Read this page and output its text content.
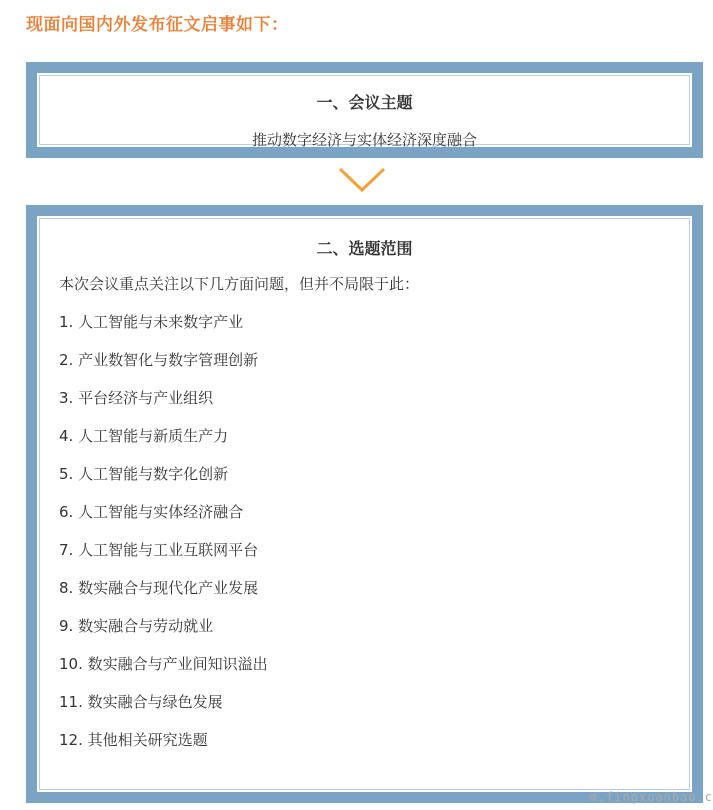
现面向国内外发布征文启事如下：
一、会议主题
推动数字经济与实体经济深度融合
二、选题范围
本次会议重点关注以下几方面问题，但并不局限于此：
1. 人工智能与未来数字产业
2. 产业数智化与数字管理创新
3. 平台经济与产业组织
4. 人工智能与新质生产力
5. 人工智能与数字化创新
6. 人工智能与实体经济融合
7. 人工智能与工业互联网平台
8. 数实融合与现代化产业发展
9. 数实融合与劳动就业
10. 数实融合与产业间知识溢出
11. 数实融合与绿色发展
12. 其他相关研究选题
m.fingxuanbao.c
